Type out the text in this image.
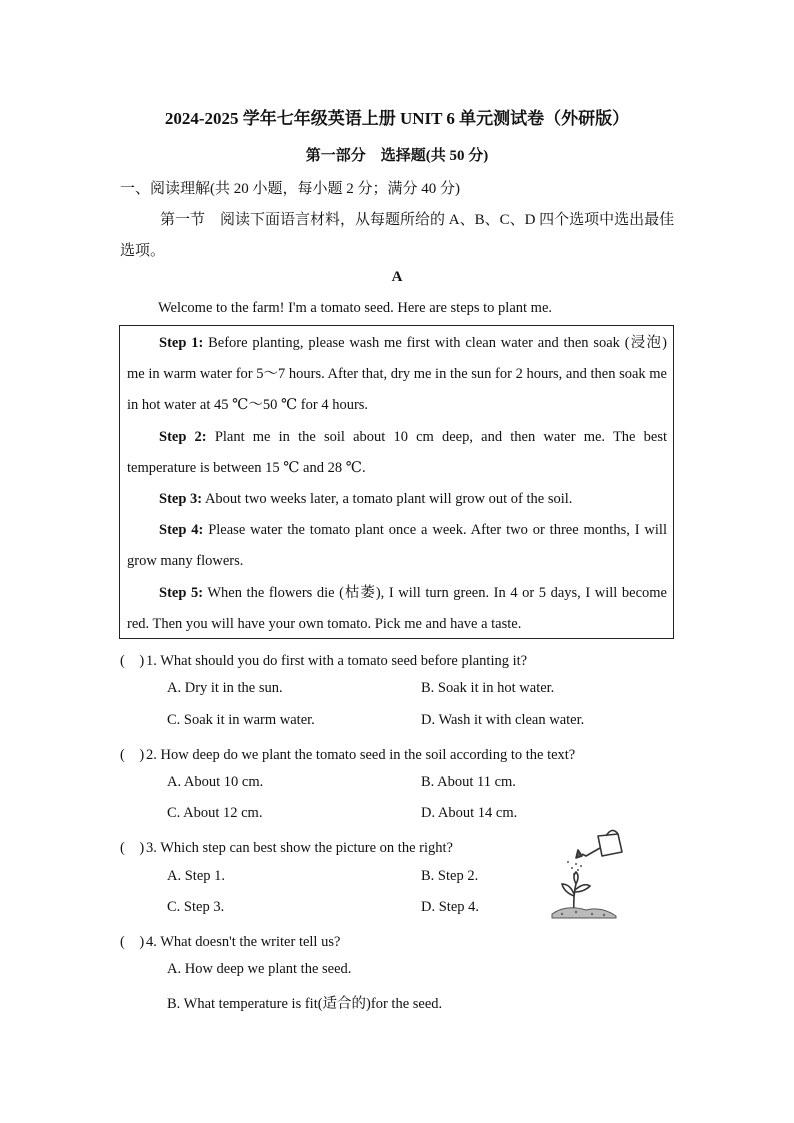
2024-2025 学年七年级英语上册 UNIT 6 单元测试卷（外研版）
第一部分　选择题(共 50 分)
一、阅读理解(共 20 小题，每小题 2 分；满分 40 分)
第一节　阅读下面语言材料，从每题所给的 A、B、C、D 四个选项中选出最佳选项。
A
Welcome to the farm! I'm a tomato seed. Here are steps to plant me.
Step 1: Before planting, please wash me first with clean water and then soak (浸泡) me in warm water for 5～7 hours. After that, dry me in the sun for 2 hours, and then soak me in hot water at 45 ℃～50 ℃ for 4 hours.
Step 2: Plant me in the soil about 10 cm deep, and then water me. The best temperature is between 15 ℃ and 28 ℃.
Step 3: About two weeks later, a tomato plant will grow out of the soil.
Step 4: Please water the tomato plant once a week. After two or three months, I will grow many flowers.
Step 5: When the flowers die (枯萎), I will turn green. In 4 or 5 days, I will become red. Then you will have your own tomato. Pick me and have a taste.
(　) 1. What should you do first with a tomato seed before planting it?
A. Dry it in the sun.	B. Soak it in hot water.
C. Soak it in warm water.	D. Wash it with clean water.
(　) 2. How deep do we plant the tomato seed in the soil according to the text?
A. About 10 cm.	B. About 11 cm.
C. About 12 cm.	D. About 14 cm.
(　) 3. Which step can best show the picture on the right?
A. Step 1.	B. Step 2.
C. Step 3.	D. Step 4.
(　) 4. What doesn't the writer tell us?
A. How deep we plant the seed.
B. What temperature is fit(适合的)for the seed.
